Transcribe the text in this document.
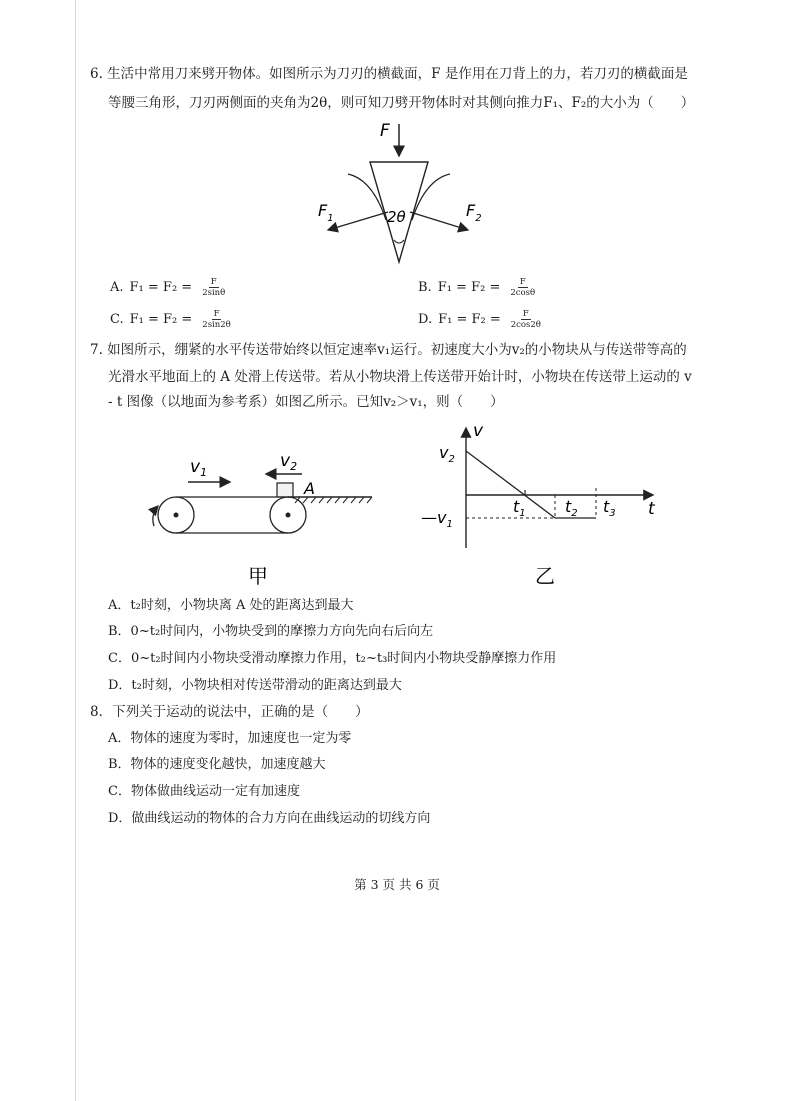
6. 生活中常用刀来劈开物体。如图所示为刀刃的横截面，F 是作用在刀背上的力，若刀刃的横截面是
等腰三角形，刀刃两侧面的夹角为2θ，则可知刀劈开物体时对其侧向推力F₁、F₂的大小为（　　）
F
$F_1$	$F_2$
2θ
A. $F_1 = F_2 = \frac{F}{2\sin\theta}$	B. $F_1 = F_2 = \frac{F}{2\cos\theta}$
C. $F_1 = F_2 = \frac{F}{2\sin 2\theta}$	D. $F_1 = F_2 = \frac{F}{2\cos 2\theta}$
7. 如图所示，绷紧的水平传送带始终以恒定速率v₁运行。初速度大小为v₂的小物块从与传送带等高的
光滑水平地面上的 A 处滑上传送带。若从小物块滑上传送带开始计时，小物块在传送带上运动的 v
- t 图像（以地面为参考系）如图乙所示。已知v₂＞v₁，则（　　）
$v_1$
$v_2$
A
甲
v
t
$v_2$
$—v_1$
$t_1$ $t_2$ $t_3$
乙
A．t₂时刻，小物块离 A 处的距离达到最大
B．0~t₂时间内，小物块受到的摩擦力方向先向右后向左
C．0~t₂时间内小物块受滑动摩擦力作用，t₂~t₃时间内小物块受静摩擦力作用
D．t₂时刻，小物块相对传送带滑动的距离达到最大
8．下列关于运动的说法中，正确的是（　　）
A．物体的速度为零时，加速度也一定为零
B．物体的速度变化越快，加速度越大
C．物体做曲线运动一定有加速度
D．做曲线运动的物体的合力方向在曲线运动的切线方向
第 3 页 共 6 页
